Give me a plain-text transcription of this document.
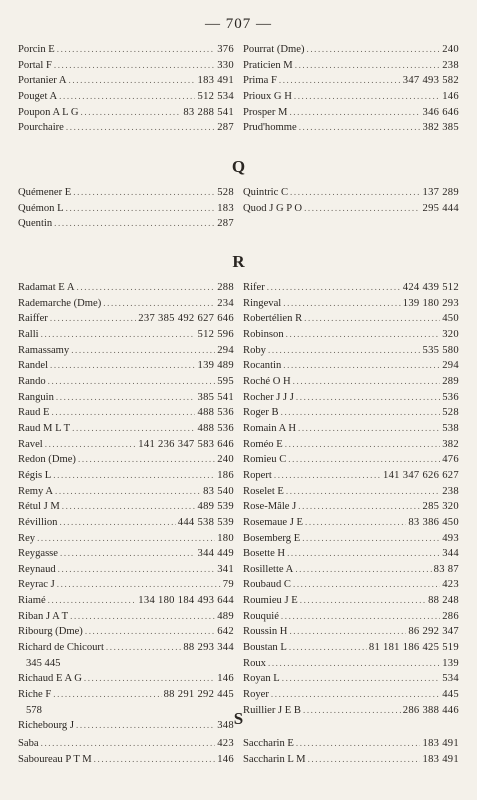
— 707 —
Porcin E .....	376
Portal F .....	330
Portanier A .....	183 491
Pouget A .....	512 534
Poupon A L G .....	83 288 541
Pourchaire .....	287
Pourrat (Dme) .....	240
Praticien M .....	238
Prima F .....	347 493 582
Prioux G H .....	146
Prosper M .....	346 646
Prud'homme .....	382 385
Q
Quémener E .....	528
Quémon L .....	183
Quentin .....	287
Quintric C .....	137 289
Quod J G P O .....	295 444
R
Radamat E A .....	288
Rademarche (Dme) .....	234
Raiffer .....	237 385 492 627 646
Ralli .....	512 596
Ramassamy .....	294
Randel .....	139 489
Rando .....	595
Ranguin .....	385 541
Raud E .....	488 536
Raud M L T .....	488 536
Ravel .....	141 236 347 583 646
Redon (Dme) .....	240
Régis L .....	186
Remy A .....	83 540
Rétul J M .....	489 539
Révillion .....	444 538 539
Rey .....	180
Reygasse .....	344 449
Reynaud .....	341
Reyrac J .....	79
Riamé .....	134 180 184 493 644
Riban J A T .....	489
Ribourg (Dme) .....	642
Richard de Chicourt .....	88 293 344
345 445
Richaud E A G .....	146
Riche F .....	88 291 292 445
578
Richebourg J .....	348
Rifer .....	424 439 512
Ringeval .....	139 180 293
Robertélien R .....	450
Robinson .....	320
Roby .....	535 580
Rocantin .....	294
Roché O H .....	289
Rocher J J J .....	536
Roger B .....	528
Romain A H .....	538
Roméo E .....	382
Romieu C .....	476
Ropert .....	141 347 626 627
Roselet E .....	238
Rose-Mâle J .....	285 320
Rosemaue J E .....	83 386 450
Bosemberg E .....	493
Bosette H .....	344
Rosillette A .....	83 87
Roubaud C .....	423
Roumieu J E .....	88 248
Rouquié .....	286
Roussin H .....	86 292 347
Boustan L .....	81 181 186 425 519
Roux .....	139
Royan L .....	534
Royer .....	445
Ruillier J E B .....	286 388 446
S
Saba .....	423
Saboureau P T M .....	146
Saccharin E .....	183 491
Saccharin L M .....	183 491
